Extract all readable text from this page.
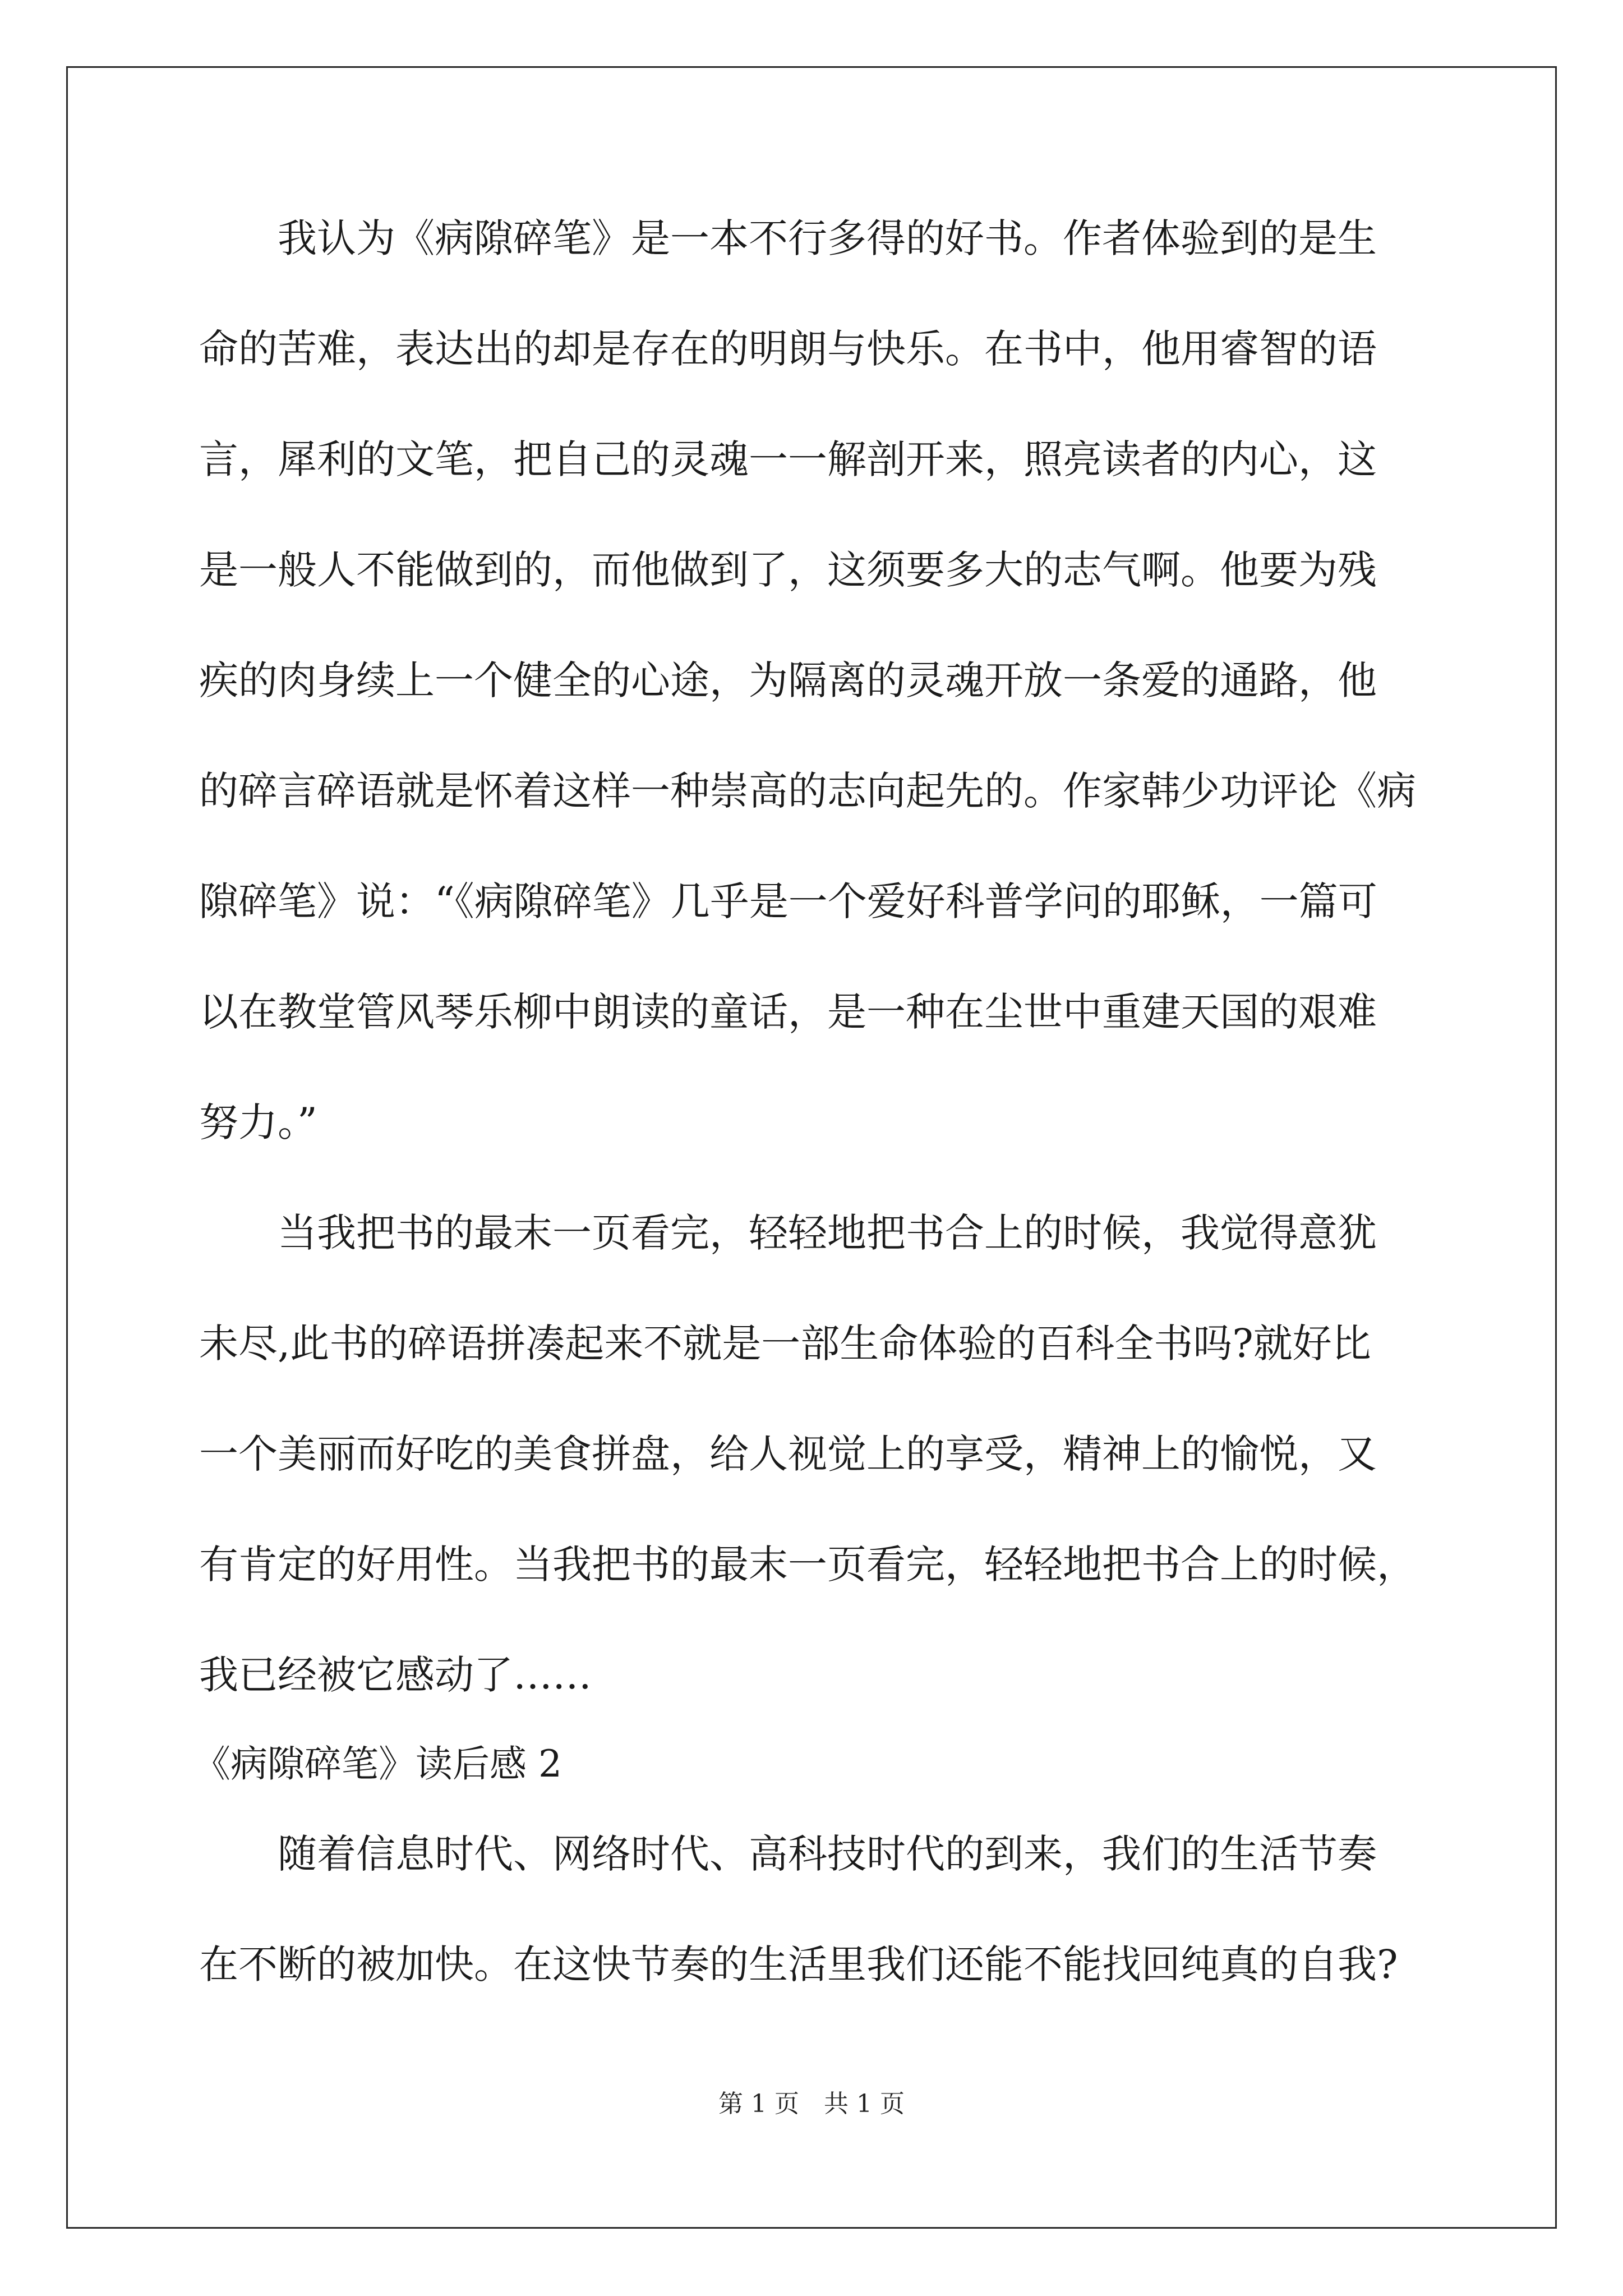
我认为《病隙碎笔》是一本不行多得的好书。作者体验到的是生
命的苦难，表达出的却是存在的明朗与快乐。在书中，他用睿智的语
言，犀利的文笔，把自己的灵魂一一解剖开来，照亮读者的内心，这
是一般人不能做到的，而他做到了，这须要多大的志气啊。他要为残
疾的肉身续上一个健全的心途，为隔离的灵魂开放一条爱的通路，他
的碎言碎语就是怀着这样一种崇高的志向起先的。作家韩少功评论《病
隙碎笔》说：“《病隙碎笔》几乎是一个爱好科普学问的耶稣，一篇可
以在教堂管风琴乐柳中朗读的童话，是一种在尘世中重建天国的艰难
努力。”
当我把书的最末一页看完，轻轻地把书合上的时候，我觉得意犹
未尽,此书的碎语拼凑起来不就是一部生命体验的百科全书吗?就好比
一个美丽而好吃的美食拼盘，给人视觉上的享受，精神上的愉悦，又
有肯定的好用性。当我把书的最末一页看完，轻轻地把书合上的时候，
我已经被它感动了……
《病隙碎笔》读后感 2
随着信息时代、网络时代、高科技时代的到来，我们的生活节奏
在不断的被加快。在这快节奏的生活里我们还能不能找回纯真的自我?
第 1 页　共 1 页
